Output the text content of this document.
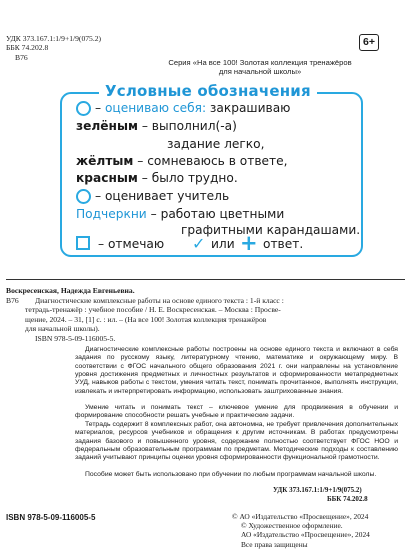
УДК 373.167.1:1/9+1/9(075.2)
ББК 74.202.8
В76
6+
Серия «На все 100! Золотая коллекция тренажёров
для начальной школы»
Условные обозначения
– оцениваю себя: закрашиваю
зелёным – выполнил(-а)
задание легко,
жёлтым – сомневаюсь в ответе,
красным – было трудно.
– оценивает учитель
Подчеркни – работаю цветными
графитными карандашами.
– отмечаю ✓ или + ответ.
Воскресенская, Надежда Евгеньевна.
В76 Диагностические комплексные работы на основе единого текста : 1-й класс :
тетрадь-тренажёр : учебное пособие / Н. Е. Воскресенская. – Москва : Просве-
щение, 2024. – 31, [1] с. : ил. – (На все 100! Золотая коллекция тренажёров
для начальной школы).
ISBN 978-5-09-116005-5.
Диагностические комплексные работы построены на основе единого текста и включают в себя задания по русскому языку, литературному чтению, математике и окружающему миру. В соответствии с ФГОС начального общего образования 2021 г. они направлены на установление уровня достижения предметных и личностных результатов и сформированности метапредметных УУД, навыков работы с текстом, умения читать текст, понимать прочитанное, выполнять инструкции, извлекать и интерпретировать информацию, использовать заштрихованные знания.
Умение читать и понимать текст – ключевое умение для продвижения в обучении и формирование способности решать учебные и практические задачи.
Тетрадь содержит 8 комплексных работ, она автономна, не требует привлечения дополнительных материалов, ресурсов учебников и обращения к другим источникам. В работах предусмотрены задания базового и повышенного уровня, содержание полностью соответствует ФГОС НОО и федеральным образовательным программам по предметам. Методические подходы к составлению заданий учитывают принципы оценки уровня сформированности функциональной грамотности.
Пособие может быть использовано при обучении по любым программам начальной школы.
УДК 373.167.1:1/9+1/9(075.2)
ББК 74.202.8
ISBN 978-5-09-116005-5	© АО «Издательство «Просвещение», 2024
© Художественное оформление.
АО «Издательство «Просвещение», 2024
Все права защищены
